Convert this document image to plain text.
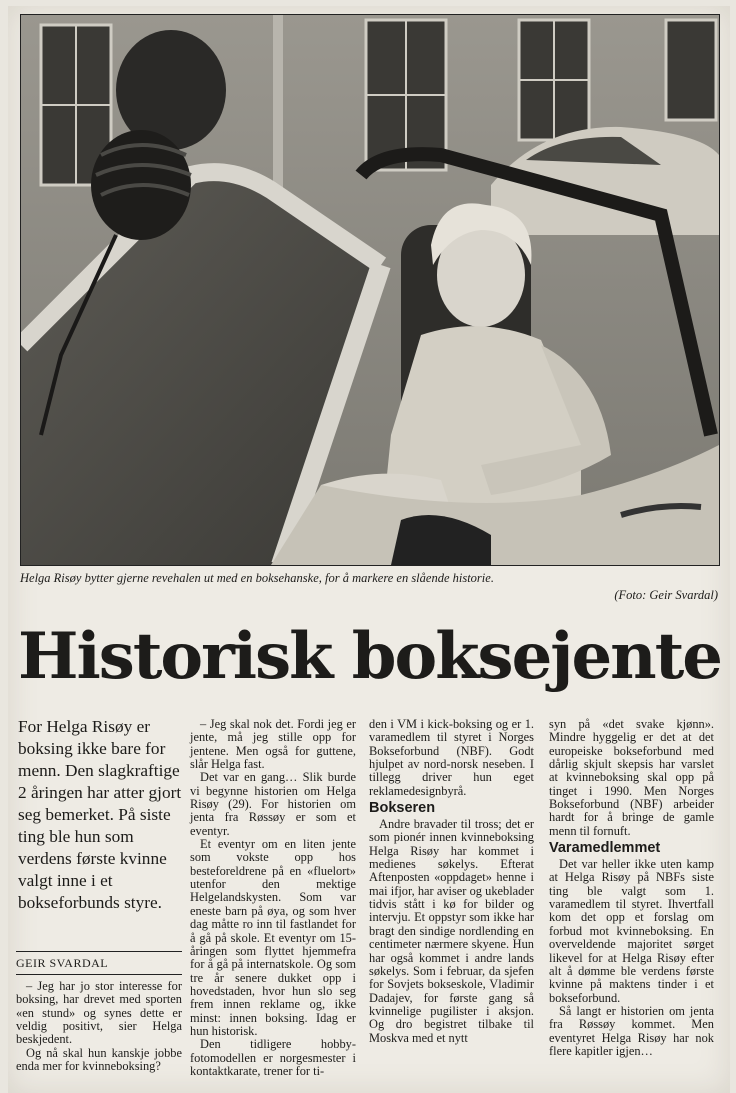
Helga Risøy bytter gjerne revehalen ut med en boksehanske, for å markere en slående historie.
(Foto: Geir Svardal)
Historisk boksejente
For Helga Risøy er boksing ikke bare for menn. Den slagkraftige 2 åringen har atter gjort seg bemerket. På siste ting ble hun som verdens første kvinne valgt inne i et bokseforbunds styre.
GEIR SVARDAL

– Jeg har jo stor interesse for boksing, har drevet med sporten «en stund» og synes dette er veldig positivt, sier Helga beskjedent.

Og nå skal hun kanskje jobbe enda mer for kvinneboksing?

– Jeg skal nok det. Fordi jeg er jente, må jeg stille opp for jentene. Men også for guttene, slår Helga fast.

Det var en gang… Slik burde vi begynne historien om Helga Risøy (29). For historien om jenta fra Røssøy er som et eventyr.

Et eventyr om en liten jente som vokste opp hos besteforeldrene på en «fluelort» utenfor den mektige Helgelandskysten. Som var eneste barn på øya, og som hver dag måtte ro inn til fastlandet for å gå på skole. Et eventyr om 15-åringen som flyttet hjemmefra for å gå på internatskole. Og som tre år senere dukket opp i hovedstaden, hvor hun slo seg frem innen reklame og, ikke minst: innen boksing. Idag er hun historisk.

Den tidligere hobby-fotomodellen er norgesmester i kontaktkarate, trener for ti-

den i VM i kick-boksing og er 1. varamedlem til styret i Norges Bokseforbund (NBF). Godt hjulpet av nord-norsk neseben. I tillegg driver hun eget reklamedesignbyrå.

Bokseren

Andre bravader til tross; det er som pionér innen kvinneboksing Helga Risøy har kommet i medienes søkelys. Efterat Aftenposten «oppdaget» henne i mai ifjor, har aviser og ukeblader tidvis stått i kø for bilder og intervju. Et oppstyr som ikke har bragt den sindige nordlending en centimeter nærmere skyene. Hun har også kommet i andre lands søkelys. Som i februar, da sjefen for Sovjets bokseskole, Vladimir Dadajev, for første gang så kvinnelige pugilister i aksjon. Og dro begistret tilbake til Moskva med et nytt

syn på «det svake kjønn». Mindre hyggelig er det at det europeiske bokseforbund med dårlig skjult skepsis har varslet at kvinneboksing skal opp på tinget i 1990. Men Norges Bokseforbund (NBF) arbeider hardt for å bringe de gamle menn til fornuft.

Varamedlemmet

Det var heller ikke uten kamp at Helga Risøy på NBFs siste ting ble valgt som 1. varamedlem til styret. Ihvertfall kom det opp et forslag om forbud mot kvinneboksing. En overveldende majoritet sørget likevel for at Helga Risøy efter alt å dømme ble verdens første kvinne på maktens tinder i et bokseforbund.

Så langt er historien om jenta fra Røssøy kommet. Men eventyret Helga Risøy har nok flere kapitler igjen…
